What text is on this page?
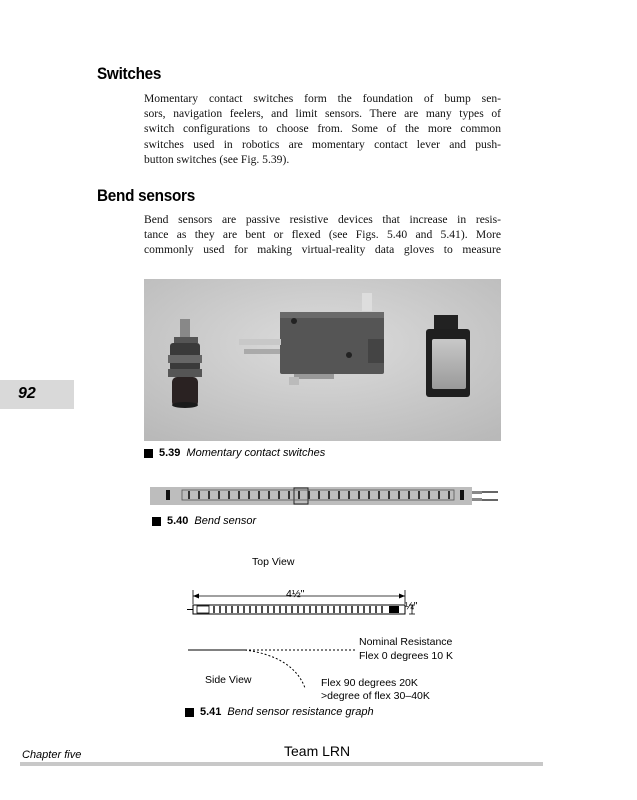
Switches
Momentary contact switches form the foundation of bump sen-
sors, navigation feelers, and limit sensors. There are many types of
switch configurations to choose from. Some of the more common
switches used in robotics are momentary contact lever and push-
button switches (see Fig. 5.39).
Bend sensors
Bend sensors are passive resistive devices that increase in resis-
tance as they are bent or flexed (see Figs. 5.40 and 5.41). More
commonly used for making virtual-reality data gloves to measure
92
5.39 Momentary contact switches
5.40 Bend sensor
Top View
4½"
¼"
Nominal Resistance
Flex 0 degrees 10 K
Side View	Flex 90 degrees 20K
>degree of flex 30–40K
5.41 Bend sensor resistance graph
Chapter five	Team LRN
